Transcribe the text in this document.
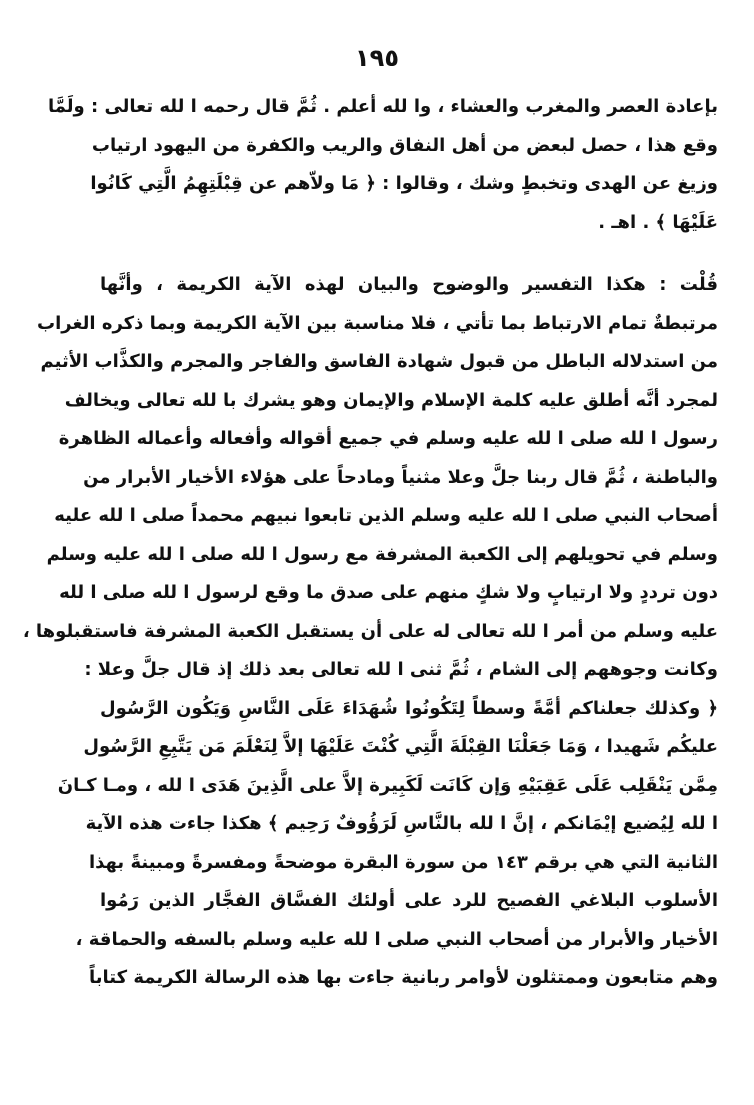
١٩٥
بإعادة العصر والمغرب والعشاء ، وا لله أعلم . ثُمَّ قال رحمه ا لله تعالى : ولَمَّا
وقع هذا ، حصل لبعض من أهل النفاق والريب والكفرة من اليهود ارتياب
وزيغ عن الهدى وتخبطٍ وشك ، وقالوا : ﴿ مَا ولاّهم عن قِبْلَتِهِمُ الَّتِي كَانُوا
عَلَيْهَا ﴾ . اهـ .
قُلْت : هكذا التفسير والوضوح والبيان لهذه الآية الكريمة ، وأنَّها
مرتبطةٌ تمام الارتباط بما تأتي ، فلا مناسبة بين الآية الكريمة وبما ذكره الغراب
من استدلاله الباطل من قبول شهادة الفاسق والفاجر والمجرم والكذَّاب الأثيم
لمجرد أنَّه أطلق عليه كلمة الإسلام والإيمان وهو يشرك با لله تعالى ويخالف
رسول ا لله صلى ا لله عليه وسلم في جميع أقواله وأفعاله وأعماله الظاهرة
والباطنة ، ثُمَّ قال ربنا جلَّ وعلا مثنياً ومادحاً على هؤلاء الأخيار الأبرار من
أصحاب النبي صلى ا لله عليه وسلم الذين تابعوا نبيهم محمداً صلى ا لله عليه
وسلم في تحويلهم إلى الكعبة المشرفة مع رسول ا لله صلى ا لله عليه وسلم
دون ترددٍ ولا ارتيابٍ ولا شكٍ منهم على صدق ما وقع لرسول ا لله صلى ا لله
عليه وسلم من أمر ا لله تعالى له على أن يستقبل الكعبة المشرفة فاستقبلوها ،
وكانت وجوههم إلى الشام ، ثُمَّ ثنى ا لله تعالى بعد ذلك إذ قال جلَّ وعلا :
﴿ وكذلك جعلناكم أمَّةً وسطاً لِتَكُونُوا شُهَدَاءَ عَلَى النَّاسِ وَيَكُون الرَّسُول
عليكُم شَهيدا ، وَمَا جَعَلْنَا القِبْلَةَ الَّتِي كُنْتَ عَلَيْهَا إلاَّ لِنَعْلَمَ مَن يَتَّبِعِ الرَّسُول
مِمَّن يَنْقَلِب عَلَى عَقِبَيْهِ وَإن كَانَت لَكَبِيرة إلاَّ على الَّذِينَ هَدَى ا لله ، ومـا كـانَ
ا لله لِيُضيع إيْمَانكم ، إنَّ ا لله بالنَّاسِ لَرَؤُوفٌ رَحِيم ﴾ هكذا جاءت هذه الآية
الثانية التي هي برقم ١٤٣ من سورة البقرة موضحةً ومفسرةً ومبينةً بهذا
الأسلوب البلاغي الفصيح للرد على أولئك الفسَّاق الفجَّار الذين رَمُوا
الأخيار والأبرار من أصحاب النبي صلى ا لله عليه وسلم بالسفه والحماقة ،
وهم متابعون وممتثلون لأوامر ربانية جاءت بها هذه الرسالة الكريمة كتاباً
